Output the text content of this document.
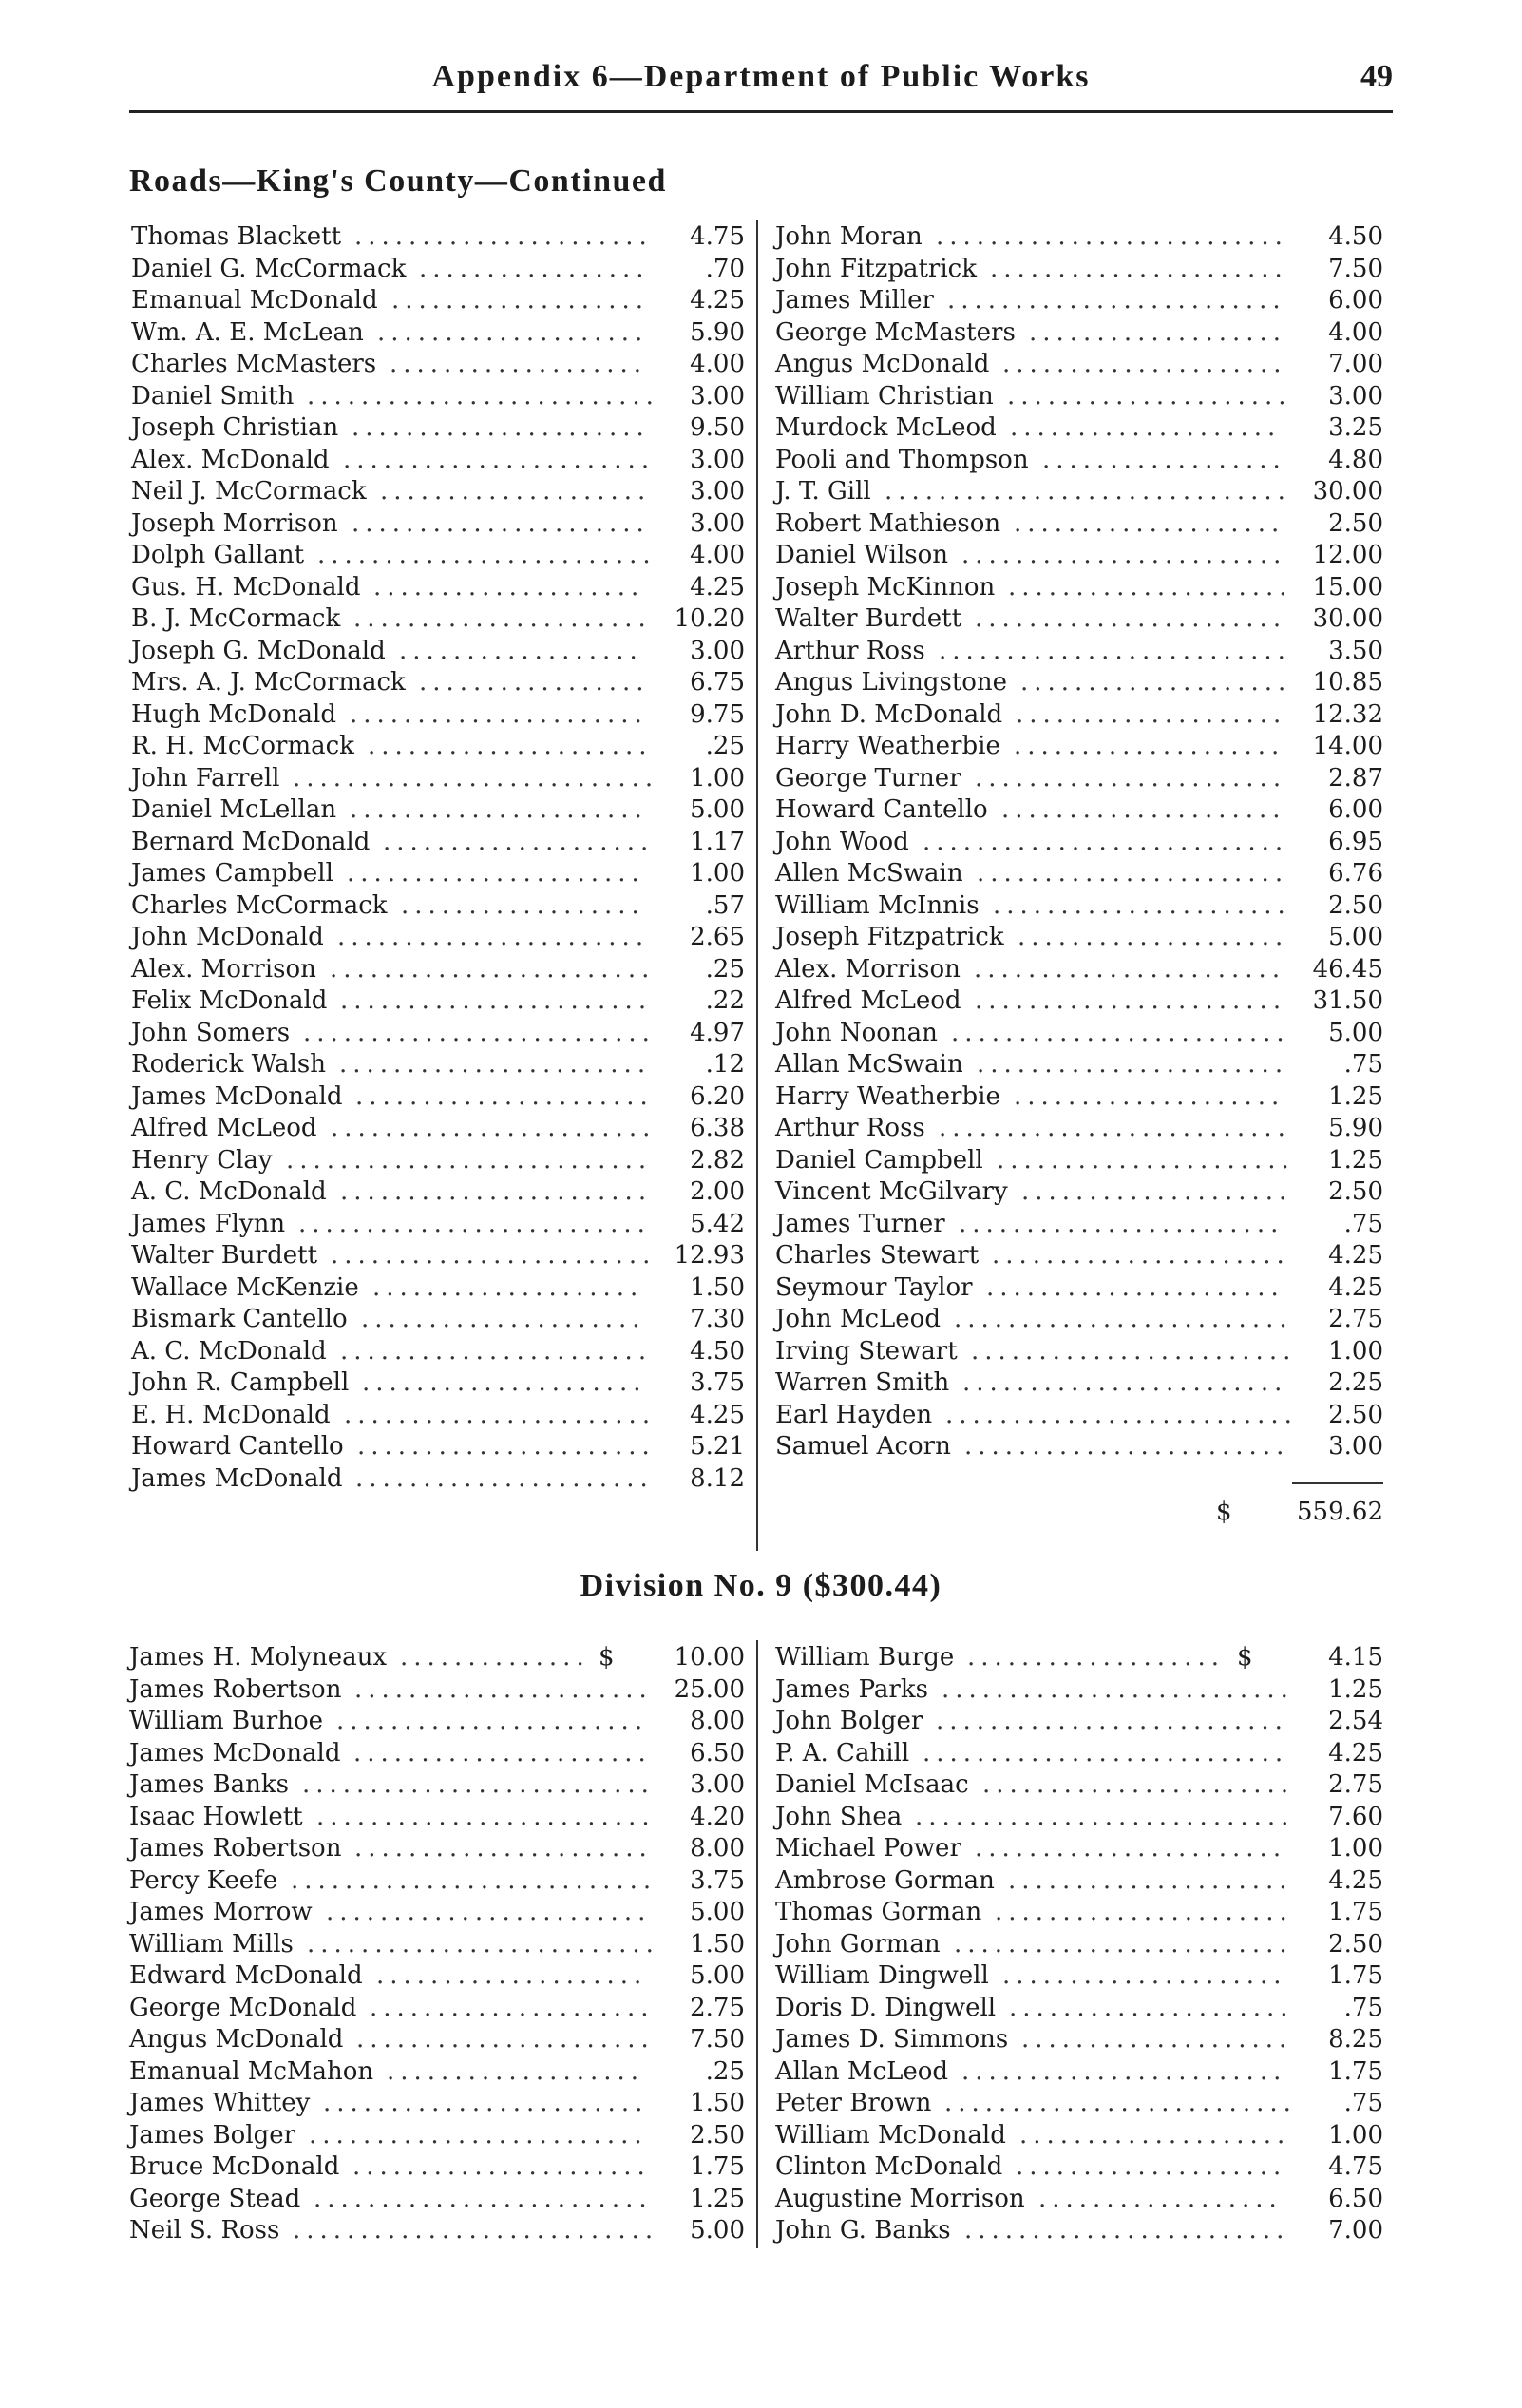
Appendix 6—Department of Public Works	49
Roads—King's County—Continued
Thomas Blackett ...................... 4.75
Daniel G. McCormack ................. .70
Emanual McDonald ................... 4.25
Wm. A. E. McLean .................... 5.90
Charles McMasters ................... 4.00
Daniel Smith .......................... 3.00
Joseph Christian ...................... 9.50
Alex. McDonald ....................... 3.00
Neil J. McCormack .................... 3.00
Joseph Morrison ...................... 3.00
Dolph Gallant ......................... 4.00
Gus. H. McDonald .................... 4.25
B. J. McCormack ...................... 10.20
Joseph G. McDonald .................. 3.00
Mrs. A. J. McCormack ................. 6.75
Hugh McDonald ...................... 9.75
R. H. McCormack ..................... .25
John Farrell ........................... 1.00
Daniel McLellan ...................... 5.00
Bernard McDonald .................... 1.17
James Campbell ...................... 1.00
Charles McCormack .................. .57
John McDonald ....................... 2.65
Alex. Morrison ........................ .25
Felix McDonald ....................... .22
John Somers .......................... 4.97
Roderick Walsh ....................... .12
James McDonald ...................... 6.20
Alfred McLeod ........................ 6.38
Henry Clay ........................... 2.82
A. C. McDonald ....................... 2.00
James Flynn .......................... 5.42
Walter Burdett ........................ 12.93
Wallace McKenzie .................... 1.50
Bismark Cantello ..................... 7.30
A. C. McDonald ....................... 4.50
John R. Campbell ..................... 3.75
E. H. McDonald ....................... 4.25
Howard Cantello ...................... 5.21
James McDonald ...................... 8.12
John Moran .......................... 4.50
John Fitzpatrick ...................... 7.50
James Miller ......................... 6.00
George McMasters ................... 4.00
Angus McDonald ..................... 7.00
William Christian ..................... 3.00
Murdock McLeod .................... 3.25
Pooli and Thompson .................. 4.80
J. T. Gill .............................. 30.00
Robert Mathieson .................... 2.50
Daniel Wilson ........................ 12.00
Joseph McKinnon ..................... 15.00
Walter Burdett ....................... 30.00
Arthur Ross .......................... 3.50
Angus Livingstone .................... 10.85
John D. McDonald .................... 12.32
Harry Weatherbie .................... 14.00
George Turner ....................... 2.87
Howard Cantello ..................... 6.00
John Wood ........................... 6.95
Allen McSwain ....................... 6.76
William McInnis ...................... 2.50
Joseph Fitzpatrick .................... 5.00
Alex. Morrison ....................... 46.45
Alfred McLeod ....................... 31.50
John Noonan ......................... 5.00
Allan McSwain ....................... .75
Harry Weatherbie .................... 1.25
Arthur Ross .......................... 5.90
Daniel Campbell ...................... 1.25
Vincent McGilvary .................... 2.50
James Turner ........................ .75
Charles Stewart ...................... 4.25
Seymour Taylor ...................... 4.25
John McLeod ......................... 2.75
Irving Stewart ........................ 1.00
Warren Smith ........................ 2.25
Earl Hayden .......................... 2.50
Samuel Acorn ........................ 3.00
$	559.62
Division No. 9 ($300.44)
James H. Molyneaux .............. $ 10.00
James Robertson ...................... 25.00
William Burhoe ....................... 8.00
James McDonald ...................... 6.50
James Banks .......................... 3.00
Isaac Howlett ......................... 4.20
James Robertson ...................... 8.00
Percy Keefe ........................... 3.75
James Morrow ........................ 5.00
William Mills .......................... 1.50
Edward McDonald .................... 5.00
George McDonald ..................... 2.75
Angus McDonald ...................... 7.50
Emanual McMahon ................... .25
James Whittey ........................ 1.50
James Bolger ......................... 2.50
Bruce McDonald ...................... 1.75
George Stead ......................... 1.25
Neil S. Ross ........................... 5.00
William Burge ................... $	4.15
James Parks .......................... 1.25
John Bolger .......................... 2.54
P. A. Cahill ........................... 4.25
Daniel McIsaac ....................... 2.75
John Shea ............................ 7.60
Michael Power ....................... 1.00
Ambrose Gorman ..................... 4.25
Thomas Gorman ...................... 1.75
John Gorman ......................... 2.50
William Dingwell ..................... 1.75
Doris D. Dingwell ..................... .75
James D. Simmons .................... 8.25
Allan McLeod ........................ 1.75
Peter Brown .......................... .75
William McDonald .................... 1.00
Clinton McDonald .................... 4.75
Augustine Morrison .................. 6.50
John G. Banks ........................ 7.00
